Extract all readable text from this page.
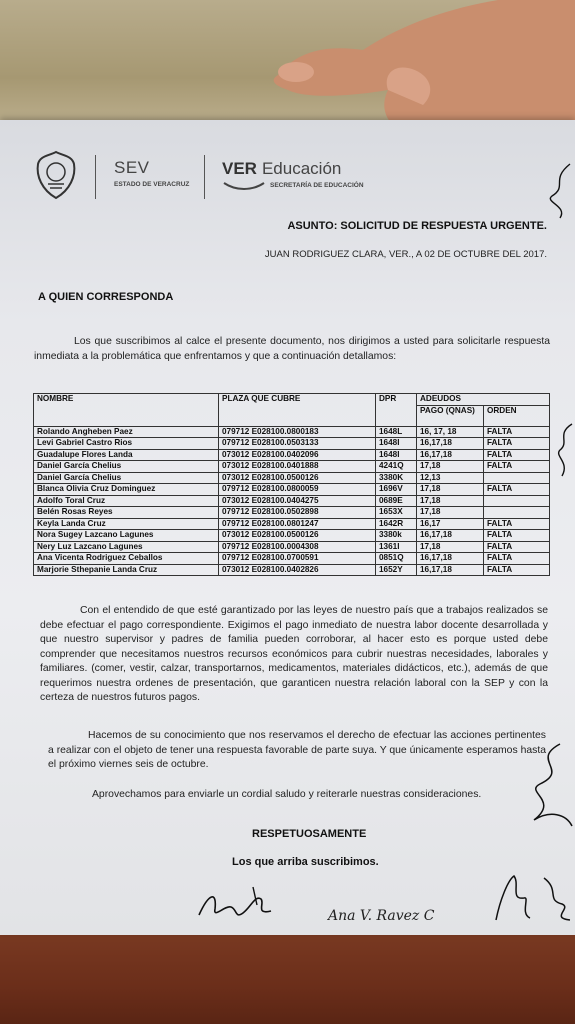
SEV
ESTADO DE VERACRUZ
VER Educación
SECRETARÍA DE EDUCACIÓN
ASUNTO: SOLICITUD DE RESPUESTA URGENTE.
JUAN RODRIGUEZ CLARA, VER., A 02 DE OCTUBRE DEL 2017.
A QUIEN CORRESPONDA

Los que suscribimos al calce el presente documento, nos dirigimos a usted para solicitarle respuesta inmediata a la problemática que enfrentamos y que a continuación detallamos:

NOMBRE	PLAZA QUE CUBRE	DPR	ADEUDOS	
			PAGO (QNAS)	ORDEN
Rolando Angheben Paez	079712 E028100.0800183	1648L	16, 17, 18	FALTA
Levi Gabriel Castro Rios	079712 E028100.0503133	1648I	16,17,18	FALTA
Guadalupe Flores Landa	073012 E028100.0402096	1648I	16,17,18	FALTA
Daniel García Chelius	073012 E028100.0401888	4241Q	17,18	FALTA
Daniel García Chelius	073012 E028100.0500126	3380K	12,13	
Blanca Olivia Cruz Dominguez	079712 E028100.0800059	1696V	17,18	FALTA
Adolfo Toral Cruz	073012 E028100.0404275	0689E	17,18	
Belén Rosas Reyes	079712 E028100.0502898	1653X	17,18	
Keyla Landa Cruz	079712 E028100.0801247	1642R	16,17	FALTA
Nora Sugey Lazcano Lagunes	073012 E028100.0500126	3380k	16,17,18	FALTA
Nery Luz Lazcano Lagunes	079712 E028100.0004308	1361I	17,18	FALTA
Ana Vicenta Rodriguez Ceballos	079712 E028100.0700591	0851Q	16,17,18	FALTA
Marjorie Sthepanie Landa Cruz	073012 E028100.0402826	1652Y	16,17,18	FALTA

Con el entendido de que esté garantizado por las leyes de nuestro país que a trabajos realizados se debe efectuar el pago correspondiente. Exigimos el pago inmediato de nuestra labor docente desarrollada y que nuestro supervisor y padres de familia pueden corroborar, al hacer esto es porque usted debe comprender que necesitamos nuestros recursos económicos para cubrir nuestras necesidades, laborales y familiares. (comer, vestir, calzar, transportarnos, medicamentos, materiales didácticos, etc.), además de que requerimos nuestra ordenes de presentación, que garanticen nuestra relación laboral con la SEP y con la certeza de nuestros futuros pagos.

Hacemos de su conocimiento que nos reservamos el derecho de efectuar las acciones pertinentes a realizar con el objeto de tener una respuesta favorable de parte suya. Y que únicamente esperamos hasta el próximo viernes seis de octubre.

Aprovechamos para enviarle un cordial saludo y reiterarle nuestras consideraciones.

RESPETUOSAMENTE
Los que arriba suscribimos.
Ana V. Ravez C
